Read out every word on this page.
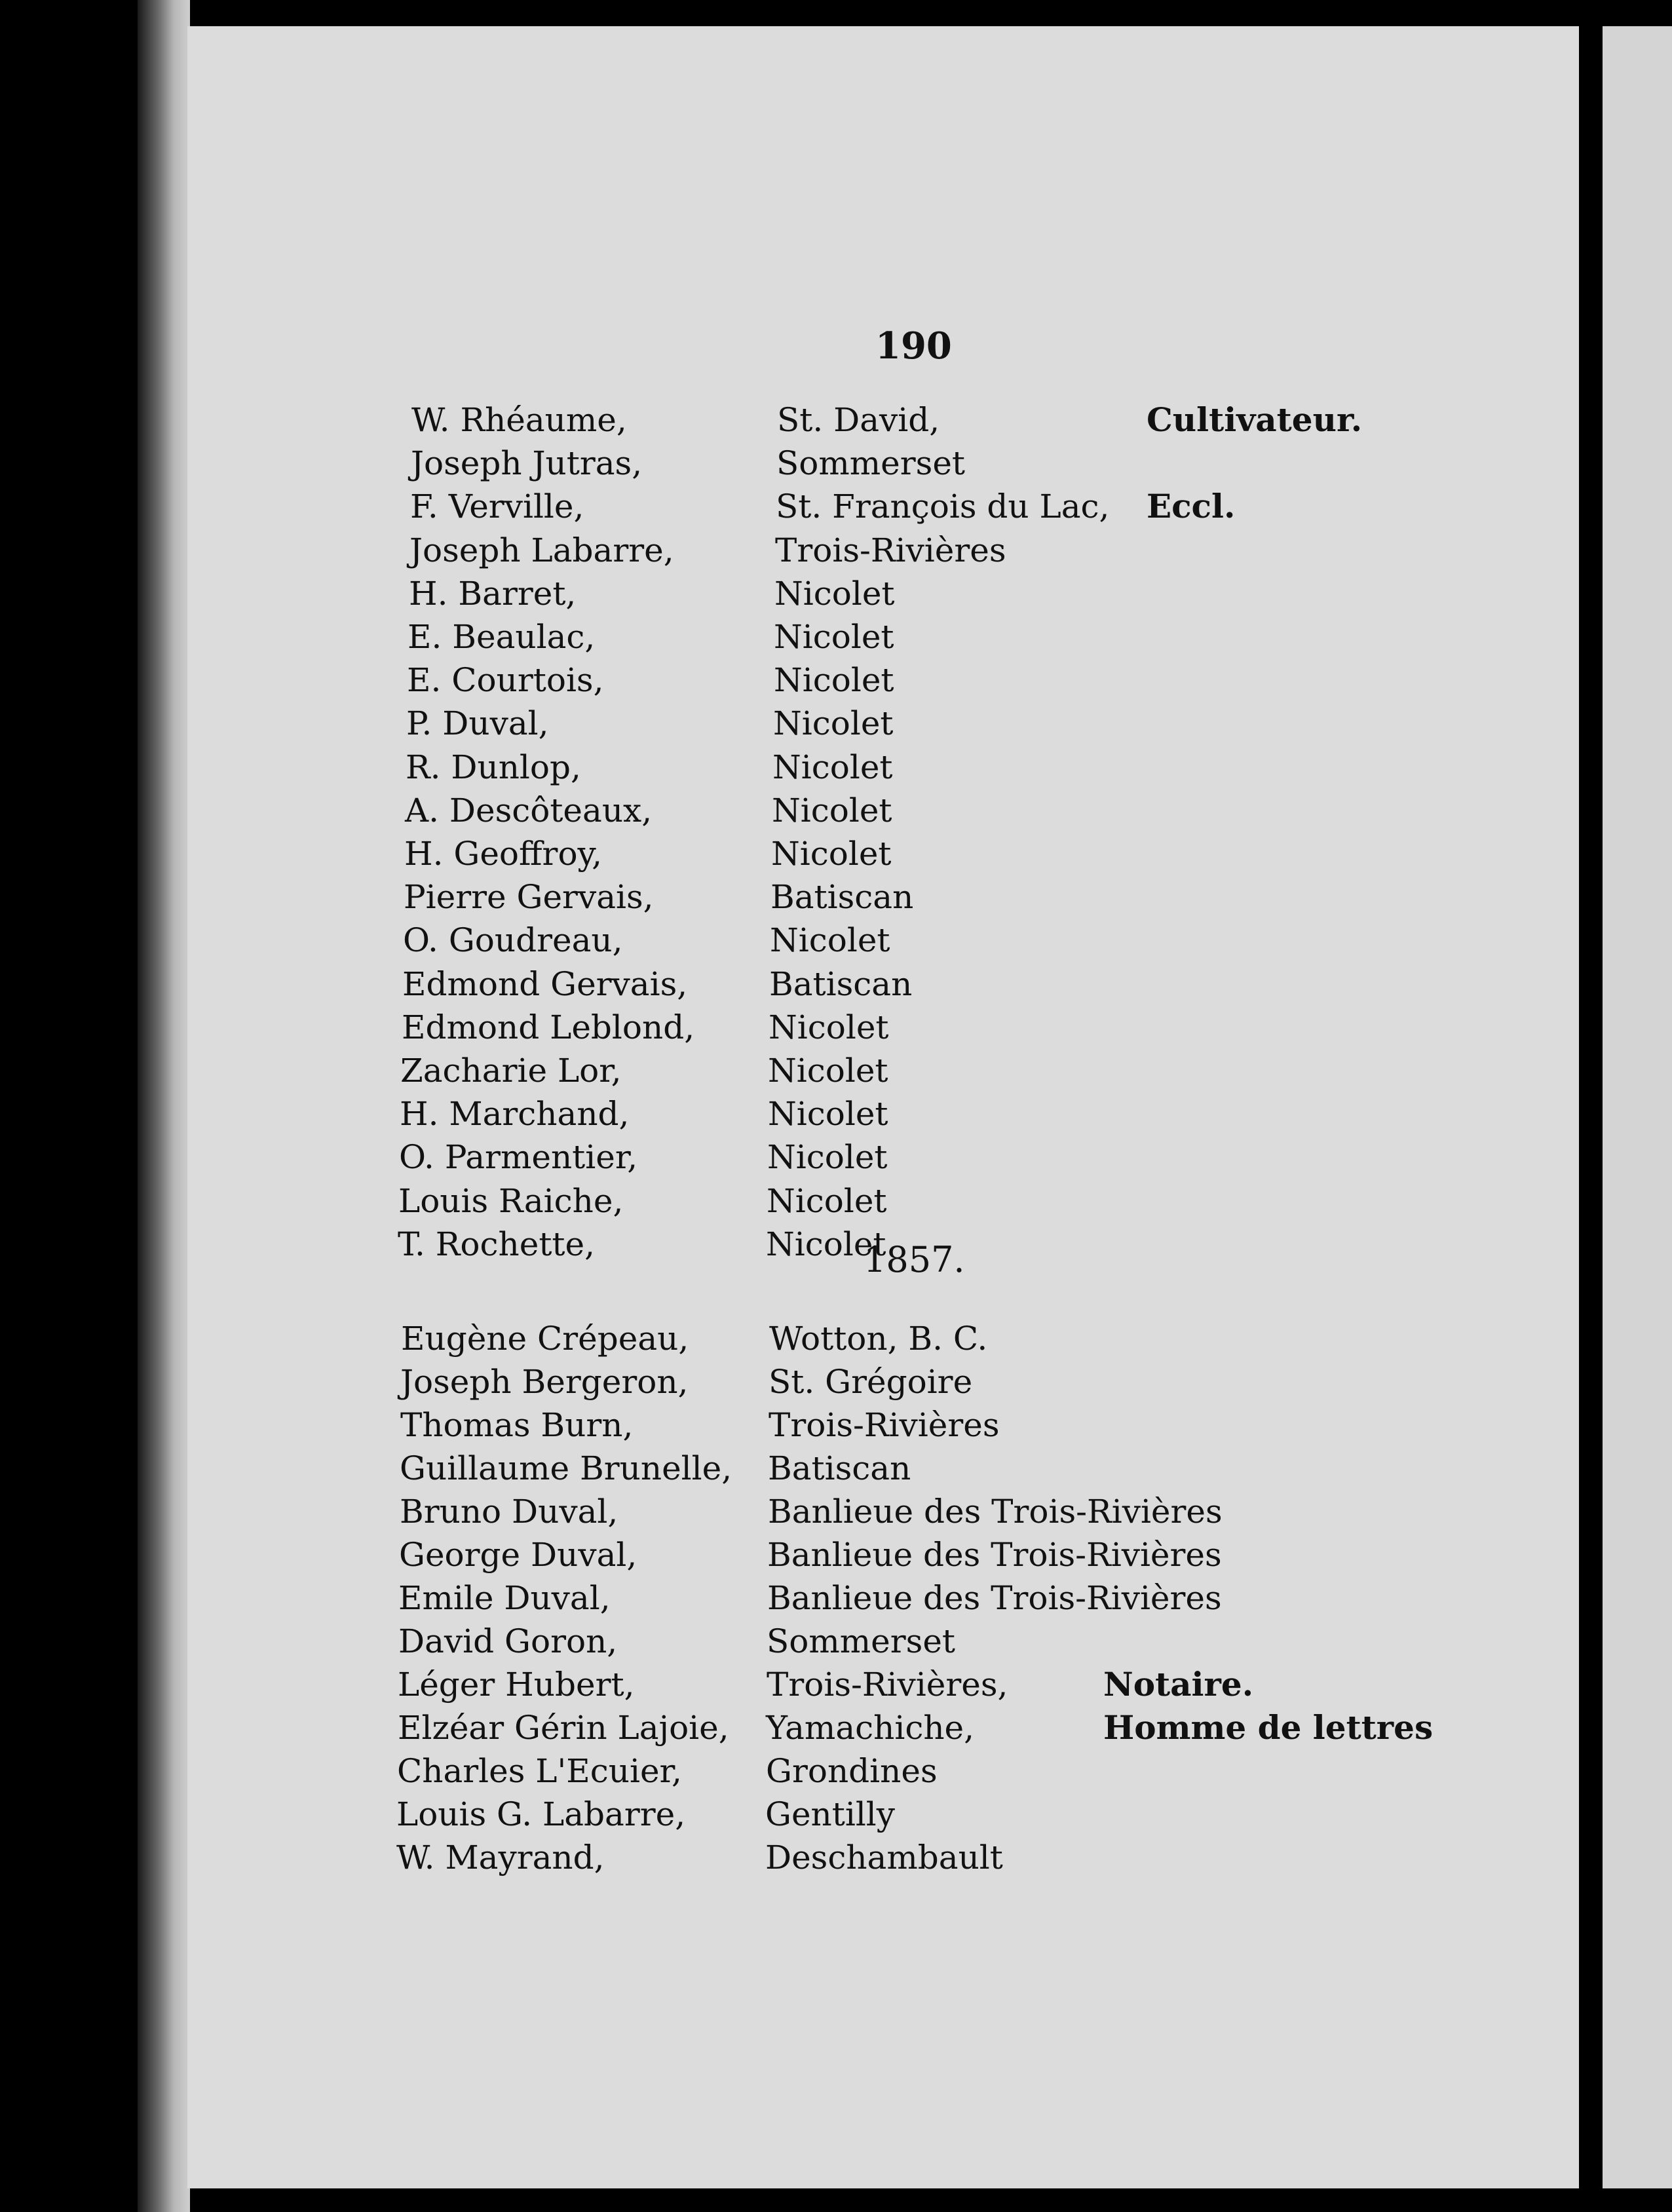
190
W. Rhéaume,	St. David,	Cultivateur.
Joseph Jutras,	Sommerset
F. Verville,	St. François du Lac, Eccl.
Joseph Labarre,	Trois-Rivières
H. Barret,	Nicolet
E. Beaulac,	Nicolet
E. Courtois,	Nicolet
P. Duval,	Nicolet
R. Dunlop,	Nicolet
A. Descôteaux,	Nicolet
H. Geoffroy,	Nicolet
Pierre Gervais,	Batiscan
O. Goudreau,	Nicolet
Edmond Gervais, Batiscan
Edmond Leblond, Nicolet
Zacharie Lor,	Nicolet
H. Marchand,	Nicolet
O. Parmentier,	Nicolet
Louis Raiche,	Nicolet
T. Rochette,	Nicolet
Eugène Crépeau, Wotton, B. C.
Joseph Bergeron, St. Grégoire
Thomas Burn,	Trois-Rivières
Guillaume Brunelle, Batiscan
Bruno Duval,	Banlieue des Trois-Rivières
George Duval,	Banlieue des Trois-Rivières
Emile Duval,	Banlieue des Trois-Rivières
David Goron,	Sommerset
Léger Hubert,	Trois-Rivières,	Notaire.
Elzéar Gérin Lajoie, Yamachiche,	Homme de lettres
Charles L'Ecuier,	Grondines
Louis G. Labarre, Gentilly
W. Mayrand,	Deschambault
1857.
